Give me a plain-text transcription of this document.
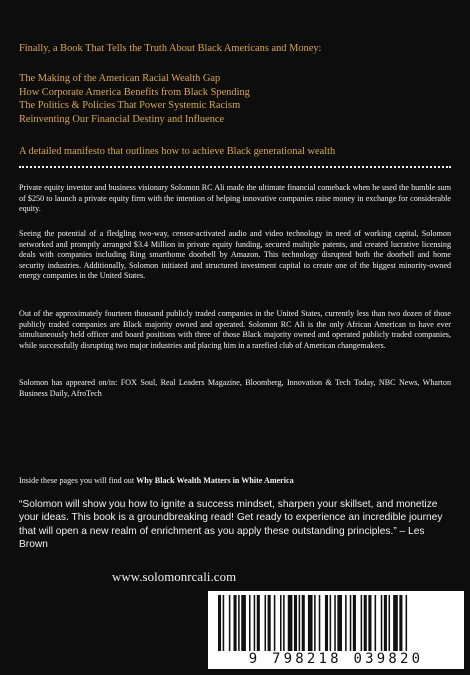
Finally, a Book That Tells the Truth About Black Americans and Money:

The Making of the American Racial Wealth Gap
How Corporate America Benefits from Black Spending
The Politics & Policies That Power Systemic Racism
Reinventing Our Financial Destiny and Influence

A detailed manifesto that outlines how to achieve Black generational wealth

Private equity investor and business visionary Solomon RC Ali made the ultimate financial comeback when he used the humble sum of $250 to launch a private equity firm with the intention of helping innovative companies raise money in exchange for considerable equity.

Seeing the potential of a fledgling two-way, censor-activated audio and video technology in need of working capital, Solomon networked and promptly arranged $3.4 Million in private equity funding, secured multiple patents, and created lucrative licensing deals with companies including Ring smarthome doorbell by Amazon. This technology disrupted both the doorbell and home security industries. Additionally, Solomon initiated and structured investment capital to create one of the biggest minority-owned energy companies in the United States.

Out of the approximately fourteen thousand publicly traded companies in the United States, currently less than two dozen of those publicly traded companies are Black majority owned and operated. Solomon RC Ali is the only African American to have ever simultaneously held officer and board positions with three of those Black majority owned and operated publicly traded companies, while successfully disrupting two major industries and placing him in a rarefied club of American changemakers.

Solomon has appeared on/in: FOX Soul, Real Leaders Magazine, Bloomberg, Innovation & Tech Today, NBC News, Wharton Business Daily, AfroTech

Inside these pages you will find out Why Black Wealth Matters in White America

“Solomon will show you how to ignite a success mindset, sharpen your skillset, and monetize your ideas. This book is a groundbreaking read! Get ready to experience an incredible journey that will open a new realm of enrichment as you apply these outstanding principles.” – Les Brown

www.solomonrcali.com

9 798218 039820
